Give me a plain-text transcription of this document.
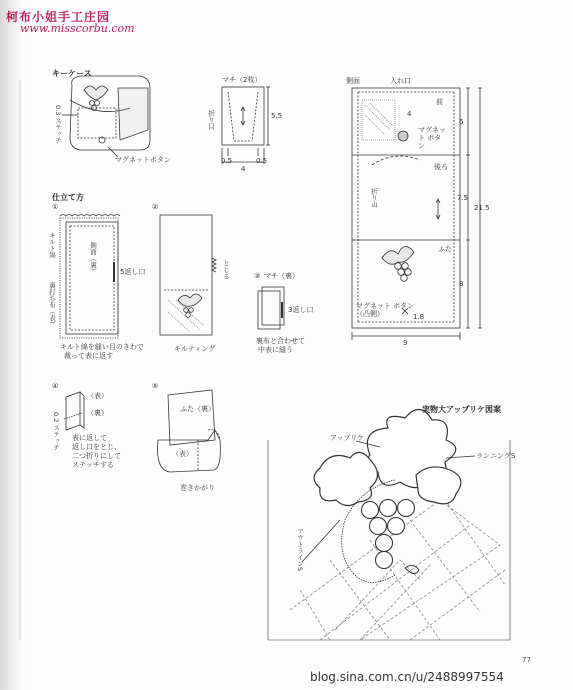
柯布小姐手工庄园
www.misscorbu.com
キーケース
仕立て方
実物大アップリケ図案
0.3 ステッチ
マグネットボタン
マチ（2枚）
折り目	5.5
0.5	0.5
4
側面	入れ口
前
4
マグネット ボタン
後ろ
折り山
ふた
マグネット ボタン（凸側）	1.8
9
6
7.5
21.5
8
①	②
③
④	⑤
キルト綿	側面（裏）
裏打ち布（表）
5返し口
キルト綿を縫い目のきわで
裁って表に返す
とじる
キルティング
マチ（裏）
3返し口
裏布と合わせて
中表に縫う
（表）
（裏）
0.2 ステッチ 表に返して
返し口をとじ、
二つ折りにして
ステッチする
ふた（裏）
（表）
巻きかがり
アップリケ
ランニングS
アウトラインS
77
blog.sina.com.cn/u/2488997554
